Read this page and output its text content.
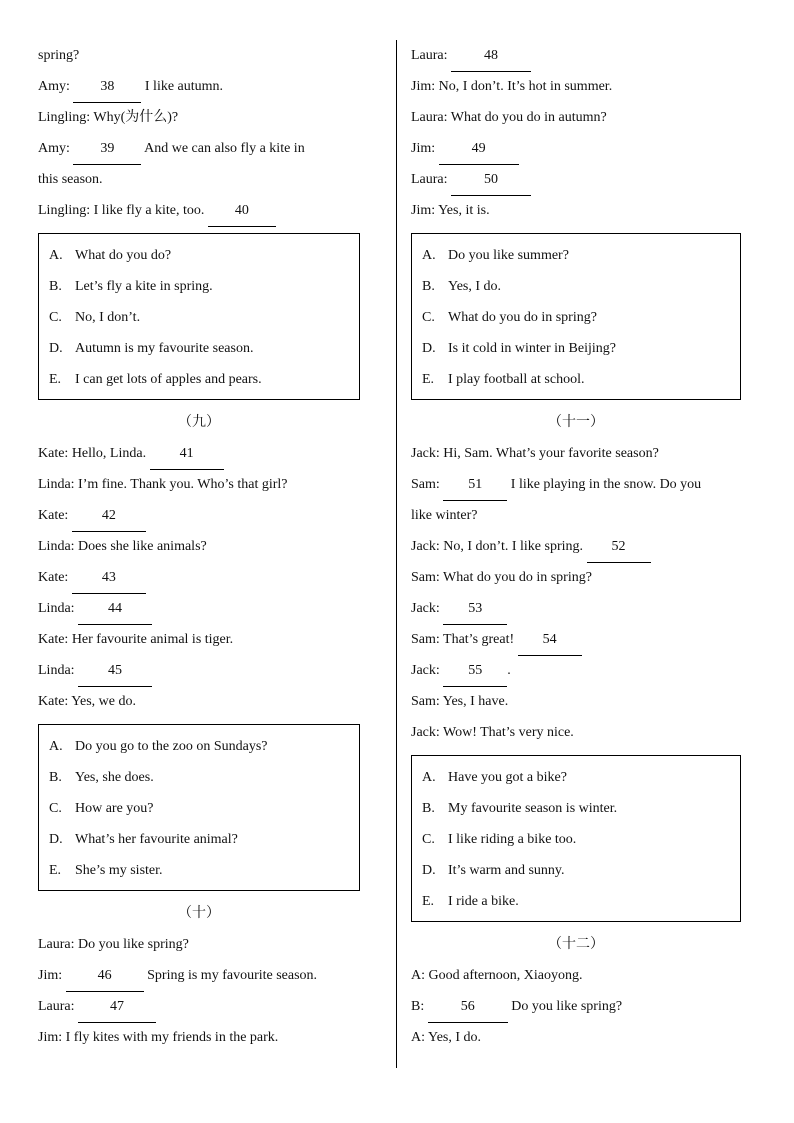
spring?
Amy: 38 I like autumn.
Lingling: Why(为什么)?
Amy: 39 And we can also fly a kite in
this season.
Lingling: I like fly a kite, too. 40
A. What do you do?
B. Let’s fly a kite in spring.
C. No, I don’t.
D. Autumn is my favourite season.
E. I can get lots of apples and pears.
（九）
Kate: Hello, Linda. 41
Linda: I’m fine. Thank you. Who’s that girl?
Kate: 42
Linda: Does she like animals?
Kate: 43
Linda: 44
Kate: Her favourite animal is tiger.
Linda: 45
Kate: Yes, we do.
A. Do you go to the zoo on Sundays?
B. Yes, she does.
C. How are you?
D. What’s her favourite animal?
E. She’s my sister.
（十）
Laura: Do you like spring?
Jim:	46	Spring is my favourite season.
Laura:	47
Jim: I fly kites with my friends in the park.
Laura:	48
Jim: No, I don’t. It’s hot in summer.
Laura: What do you do in autumn?
Jim:	49
Laura:	50
Jim: Yes, it is.
A. Do you like summer?
B. Yes, I do.
C. What do you do in spring?
D. Is it cold in winter in Beijing?
E. I play football at school.
（十一）
Jack: Hi, Sam. What’s your favorite season?
Sam: 51 I like playing in the snow. Do you
like winter?
Jack: No, I don’t. I like spring. 52
Sam: What do you do in spring?
Jack: 53
Sam: That’s great! 54
Jack: 55 .
Sam: Yes, I have.
Jack: Wow! That’s very nice.
A. Have you got a bike?
B. My favourite season is winter.
C. I like riding a bike too.
D. It’s warm and sunny.
E. I ride a bike.
（十二）
A: Good afternoon, Xiaoyong.
B:	56	Do you like spring?
A: Yes, I do.
